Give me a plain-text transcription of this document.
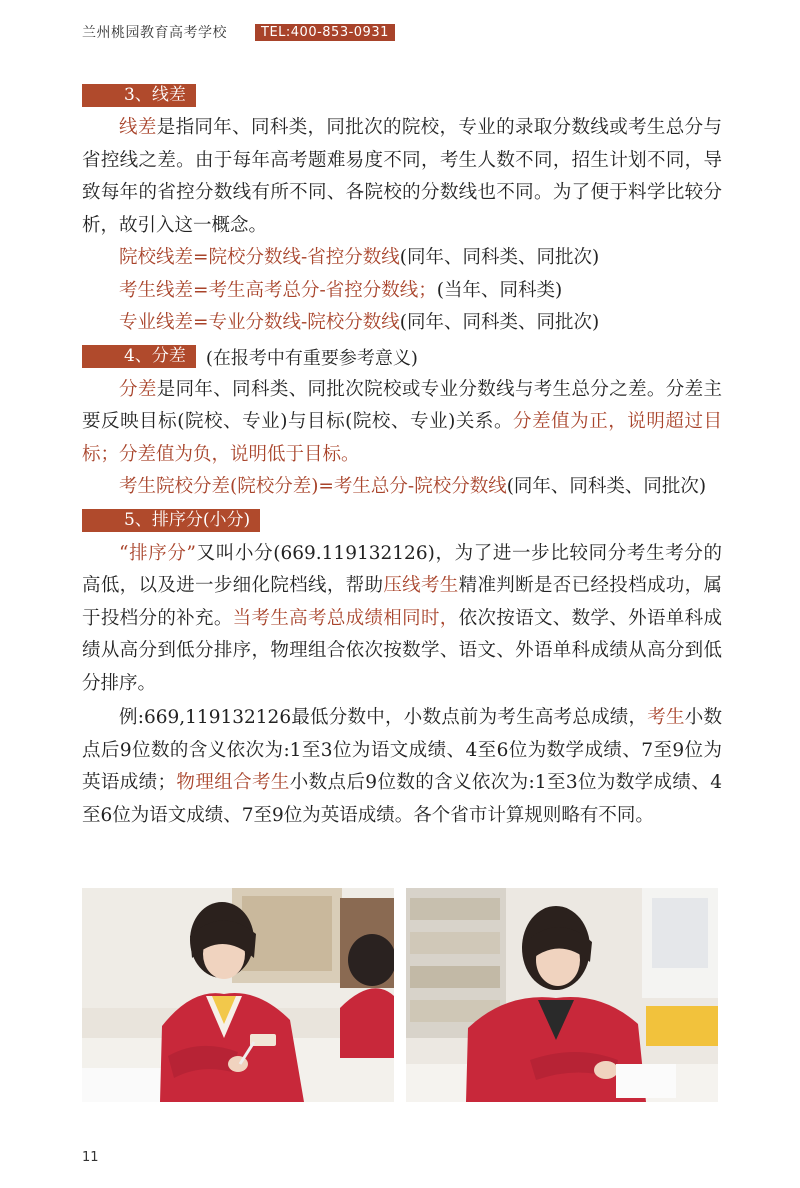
兰州桃园教育高考学校	TEL:400-853-0931
3、线差

线差是指同年、同科类，同批次的院校，专业的录取分数线或考生总分与省控线之差。由于每年高考题难易度不同，考生人数不同，招生计划不同，导致每年的省控分数线有所不同、各院校的分数线也不同。为了便于料学比较分析，故引入这一概念。

院校线差=院校分数线-省控分数线(同年、同科类、同批次)

考生线差=考生高考总分-省控分数线；(当年、同科类)

专业线差=专业分数线-院校分数线(同年、同科类、同批次)

4、分差	(在报考中有重要参考意义)

分差是同年、同科类、同批次院校或专业分数线与考生总分之差。分差主要反映目标(院校、专业)与目标(院校、专业)关系。分差值为正，说明超过目标；分差值为负，说明低于目标。

考生院校分差(院校分差)=考生总分-院校分数线(同年、同科类、同批次)

5、排序分(小分)

“排序分”又叫小分(669.119132126)，为了进一步比较同分考生考分的高低，以及进一步细化院档线，帮助压线考生精准判断是否已经投档成功，属于投档分的补充。当考生高考总成绩相同时，依次按语文、数学、外语单科成绩从高分到低分排序，物理组合依次按数学、语文、外语单科成绩从高分到低分排序。

例:669,119132126最低分数中，小数点前为考生高考总成绩，考生小数点后9位数的含义依次为:1至3位为语文成绩、4至6位为数学成绩、7至9位为英语成绩；物理组合考生小数点后9位数的含义依次为:1至3位为数学成绩、4至6位为语文成绩、7至9位为英语成绩。各个省市计算规则略有不同。

11
